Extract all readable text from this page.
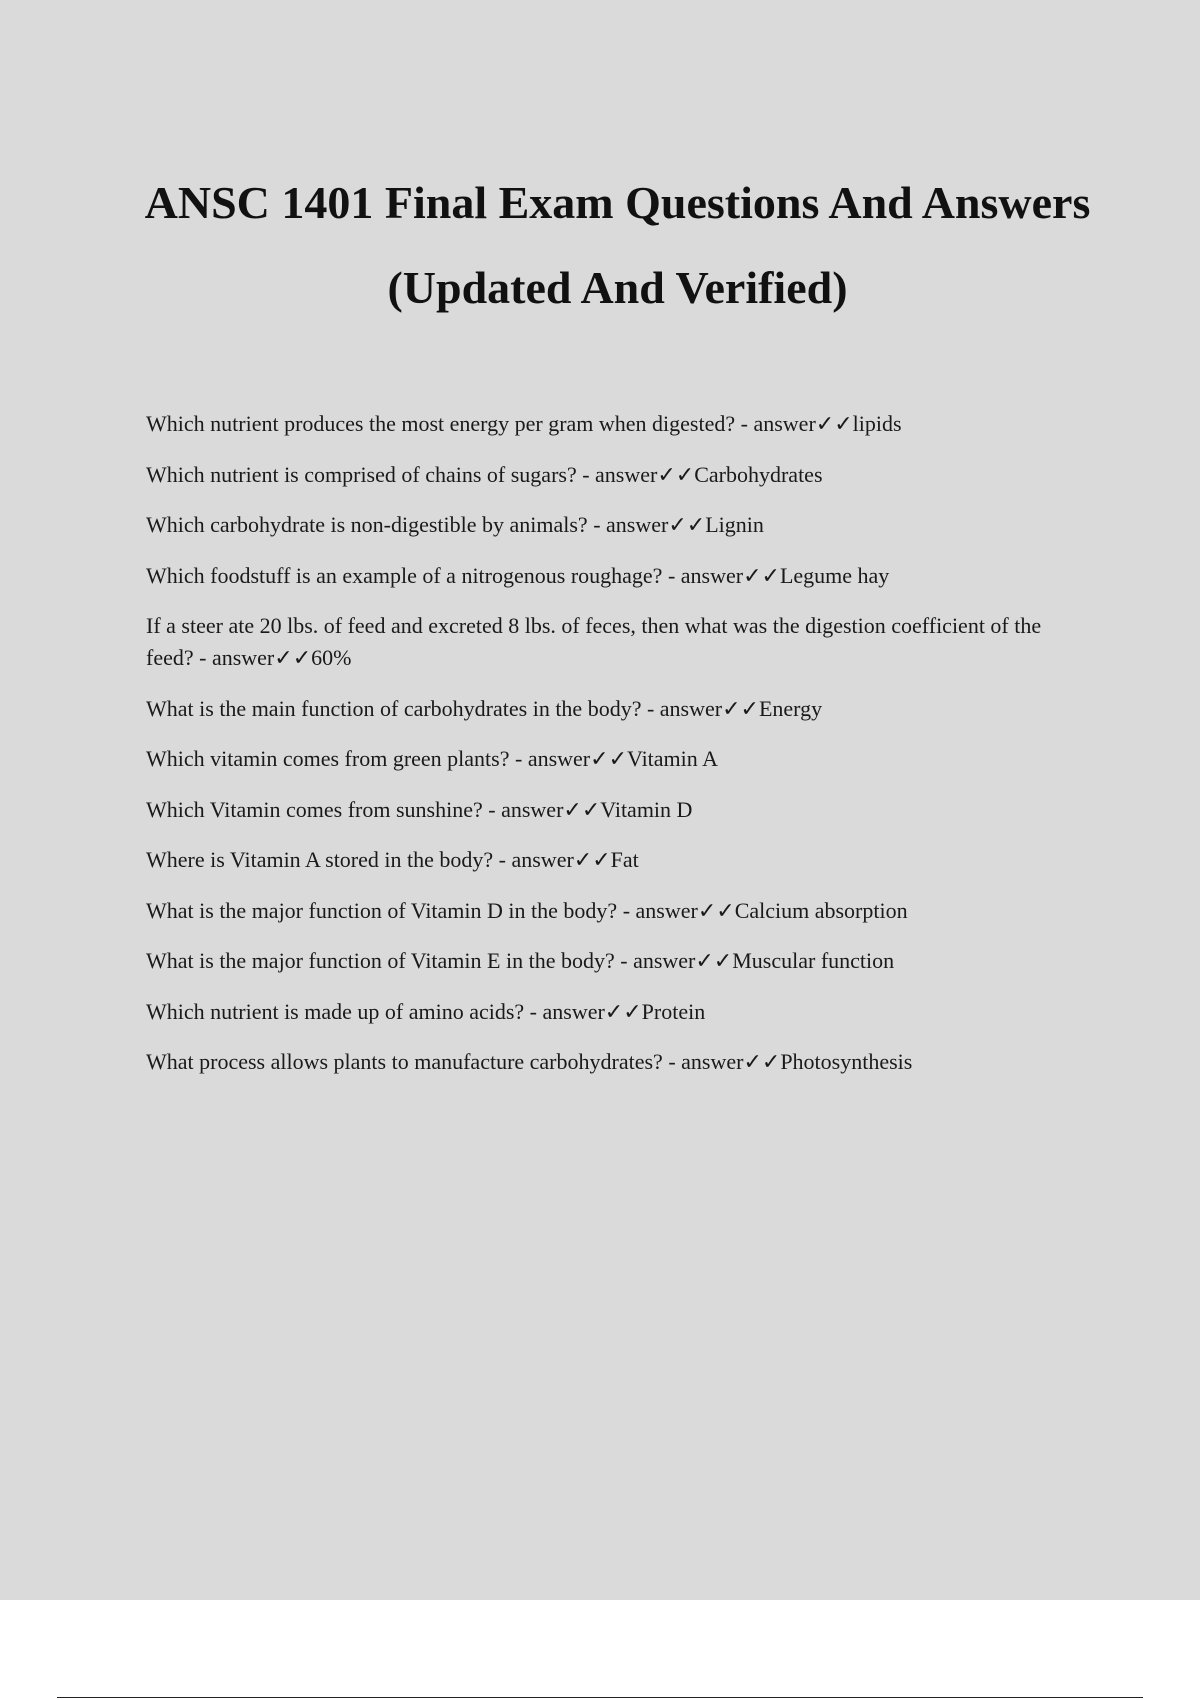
ANSC 1401 Final Exam Questions And Answers (Updated And Verified)
Which nutrient produces the most energy per gram when digested? - answer✓✓lipids
Which nutrient is comprised of chains of sugars? - answer✓✓Carbohydrates
Which carbohydrate is non-digestible by animals? - answer✓✓Lignin
Which foodstuff is an example of a nitrogenous roughage? - answer✓✓Legume hay
If a steer ate 20 lbs. of feed and excreted 8 lbs. of feces, then what was the digestion coefficient of the feed? - answer✓✓60%
What is the main function of carbohydrates in the body? - answer✓✓Energy
Which vitamin comes from green plants? - answer✓✓Vitamin A
Which Vitamin comes from sunshine? - answer✓✓Vitamin D
Where is Vitamin A stored in the body? - answer✓✓Fat
What is the major function of Vitamin D in the body? - answer✓✓Calcium absorption
What is the major function of Vitamin E in the body? - answer✓✓Muscular function
Which nutrient is made up of amino acids? - answer✓✓Protein
What process allows plants to manufacture carbohydrates? - answer✓✓Photosynthesis
